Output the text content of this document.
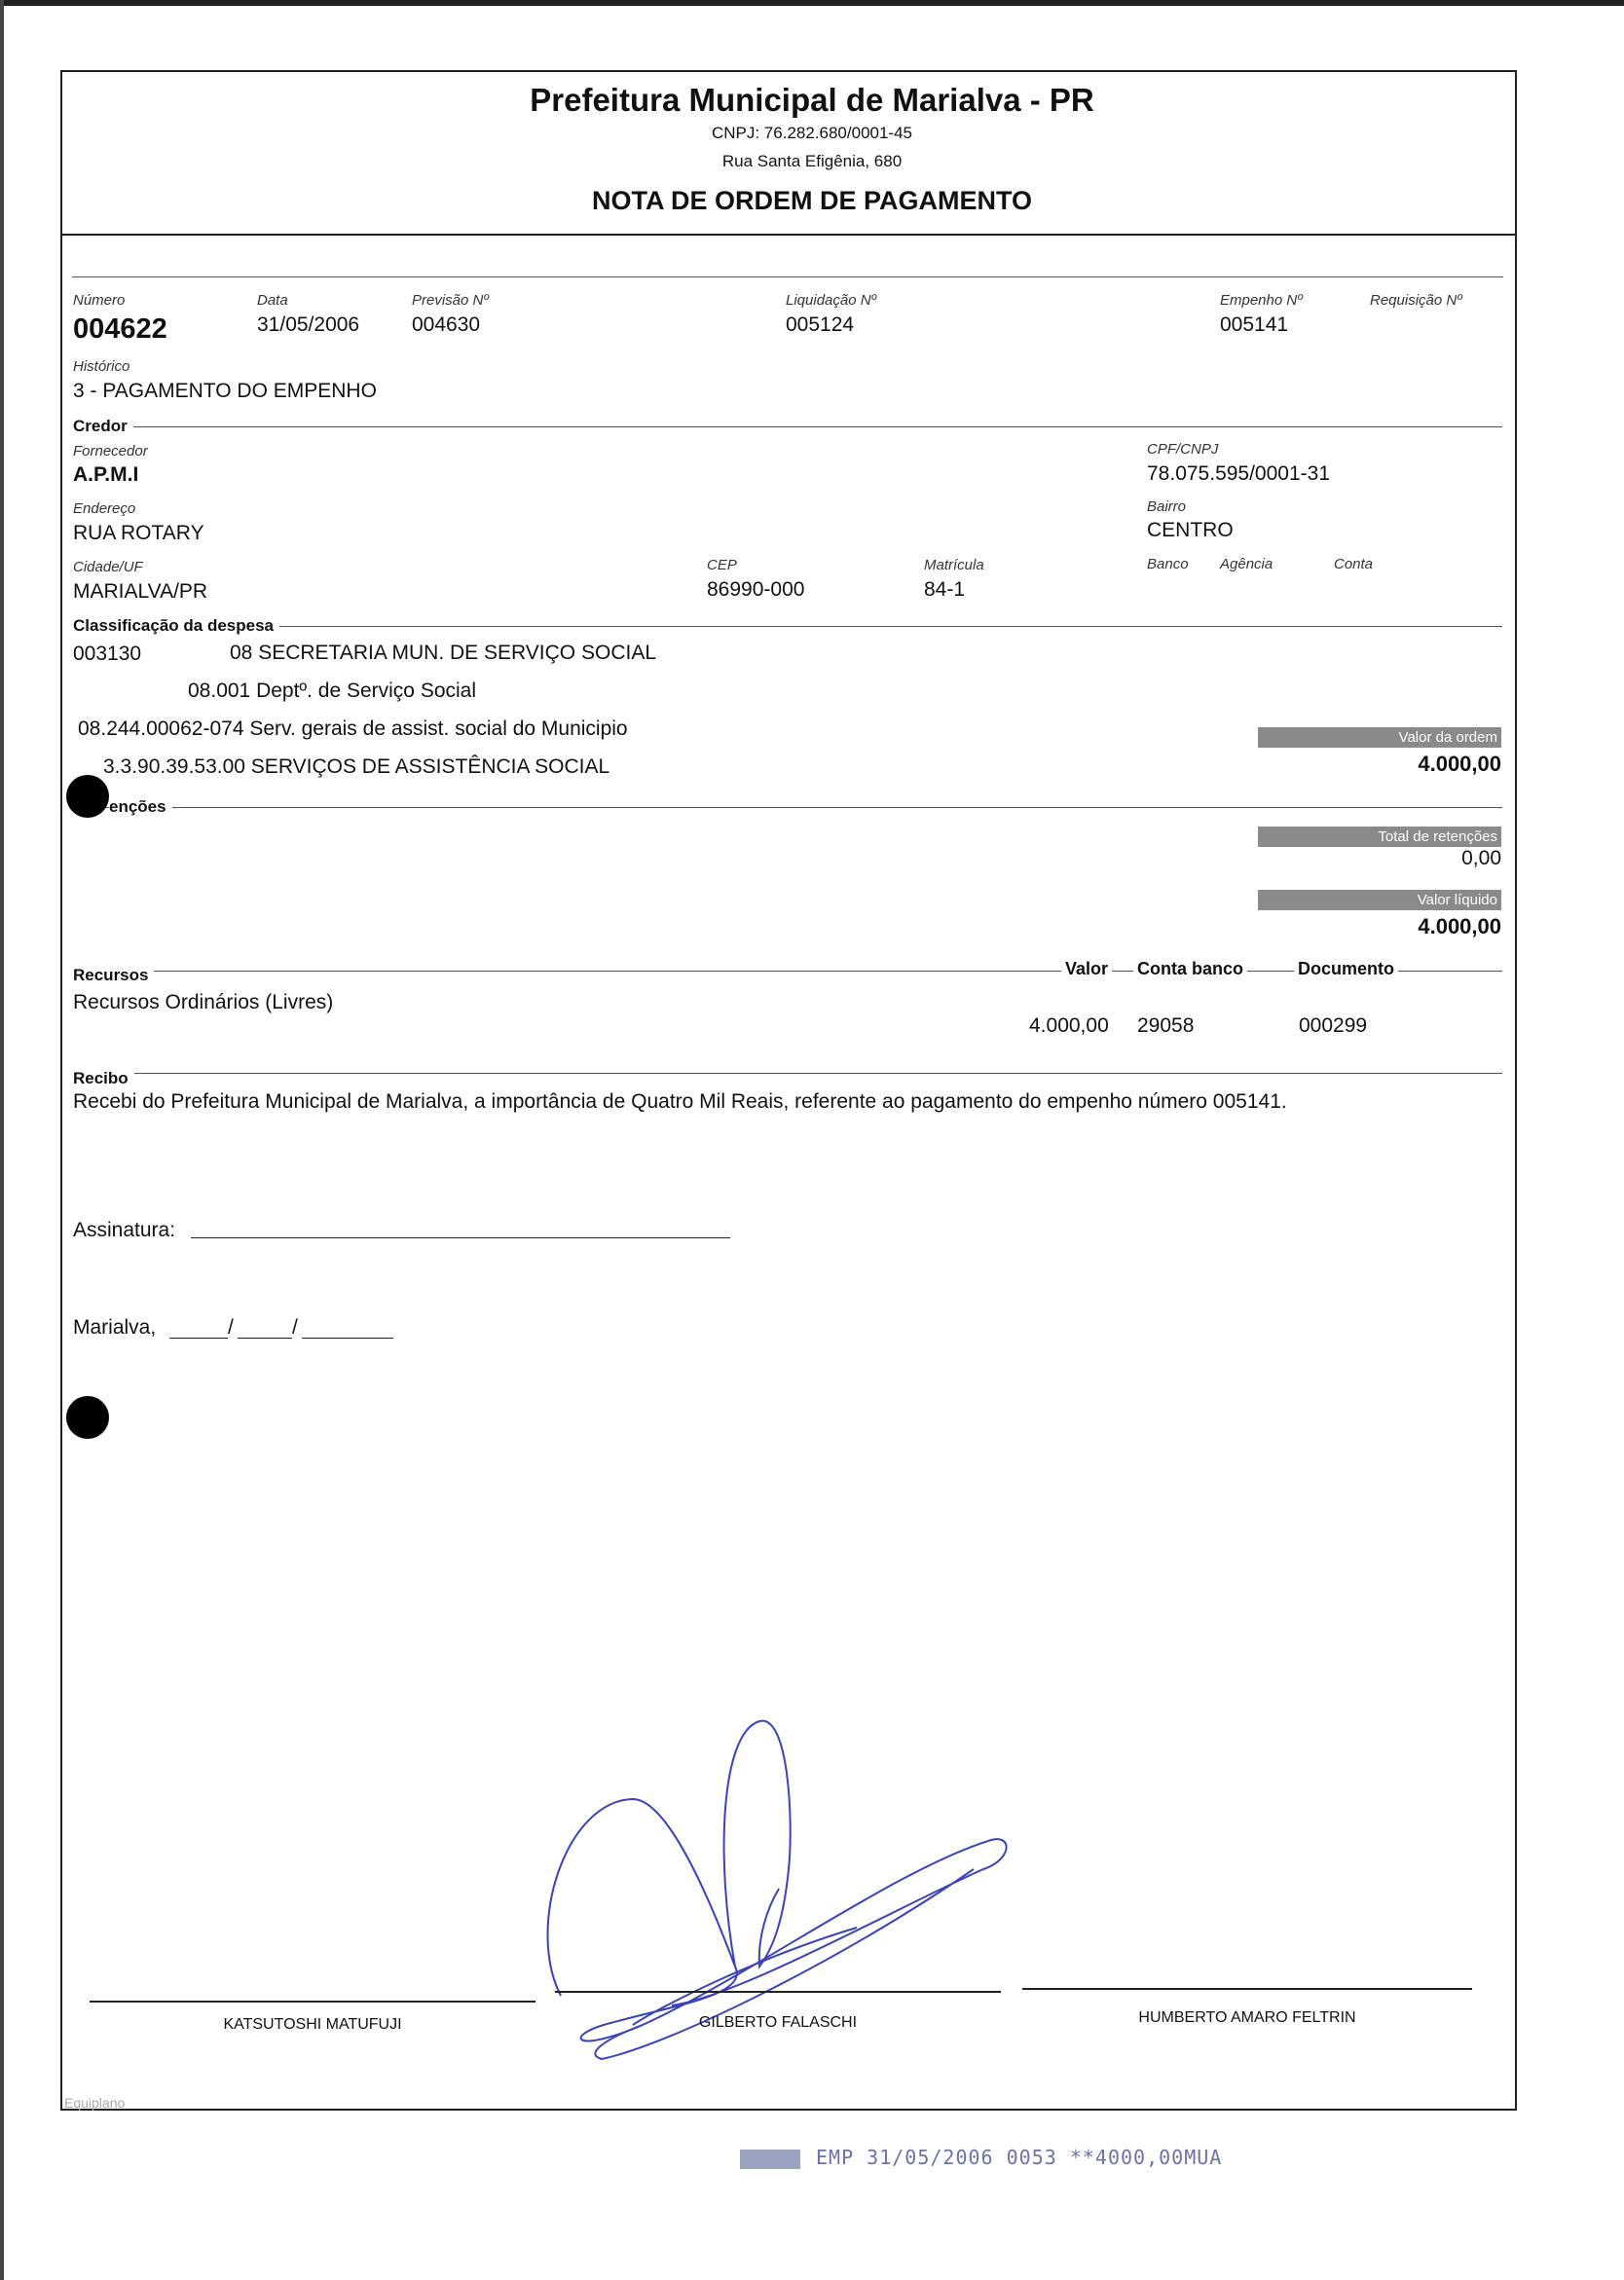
Prefeitura Municipal de Marialva - PR
CNPJ: 76.282.680/0001-45
Rua Santa Efigênia, 680
NOTA DE ORDEM DE PAGAMENTO
Número
004622
Data
31/05/2006
Previsão Nº
004630
Liquidação Nº
005124
Empenho Nº
005141
Requisição Nº
Histórico
3 - PAGAMENTO DO EMPENHO
Credor
Fornecedor
A.P.M.I
CPF/CNPJ
78.075.595/0001-31
Endereço
RUA ROTARY
Bairro
CENTRO
Cidade/UF
MARIALVA/PR
CEP
86990-000
Matrícula
84-1
Banco Agência	Conta
Classificação da despesa
003130	08 SECRETARIA MUN. DE SERVIÇO SOCIAL
08.001 Deptº. de Serviço Social
08.244.00062-074 Serv. gerais de assist. social do Municipio
3.3.90.39.53.00 SERVIÇOS DE ASSISTÊNCIA SOCIAL
Valor da ordem
4.000,00
enções
Total de retenções
0,00
Valor líquido
4.000,00
Recursos	Valor Conta banco	Documento
Recursos Ordinários (Livres)
4.000,00 29058	000299
Recibo
Recebi do Prefeitura Municipal de Marialva, a importância de Quatro Mil Reais, referente ao pagamento do empenho número 005141.
Assinatura:
Marialva,	/	/
KATSUTOSHI MATUFUJI	GILBERTO FALASCHI	HUMBERTO AMARO FELTRIN
Equiplano
EMP 31/05/2006 0053 **4000,00MUA
